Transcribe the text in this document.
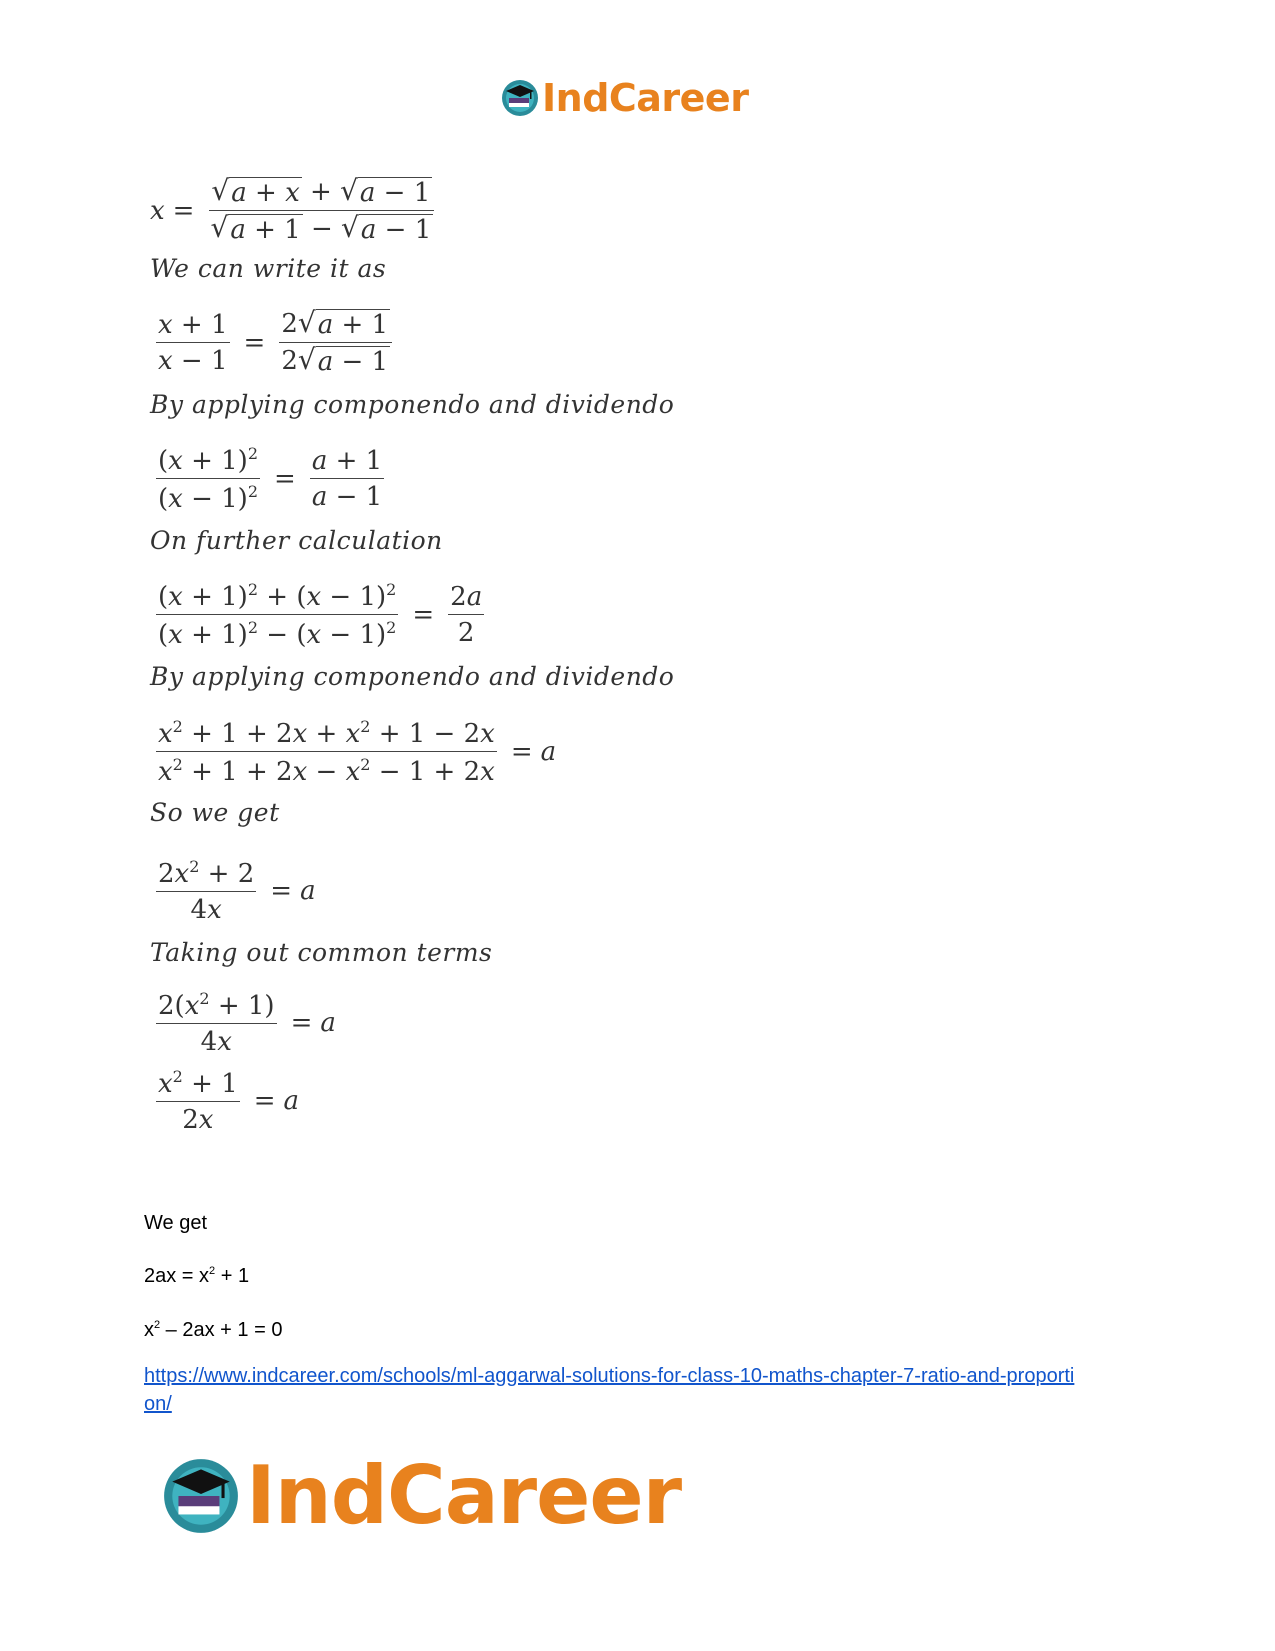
IndCareer
$x = \frac{√ a + x + √ a - 1}{√ a + 1 - √ a - 1}$
We can write it as
$\frac{x + 1}{x - 1} = \frac{2 √ a + 1}{2 √ a - 1}$
By applying componendo and dividendo
$\frac{(x + 1)^2}{(x - 1)^2} = \frac{a + 1}{a - 1}$
On further calculation
$\frac{(x + 1)^2 + (x - 1)^2}{(x + 1)^2 - (x - 1)^2} = \frac{2a}{2}$
By applying componendo and dividendo
$\frac{x^2 + 1 + 2x + x^2 + 1 - 2x}{x^2 + 1 + 2x - x^2 - 1 + 2x} = a$
So we get
$\frac{2x^2 + 2}{4x} = a$
Taking out common terms
$\frac{2(x^2 + 1)}{4x} = a$
$\frac{x^2 + 1}{2x} = a$
We get
$2ax = x^2 + 1$
$x^2 - 2ax + 1 = 0$
https://www.indcareer.com/schools/ml-aggarwal-solutions-for-class-10-maths-chapter-7-ratio-and-proportion/
IndCareer
